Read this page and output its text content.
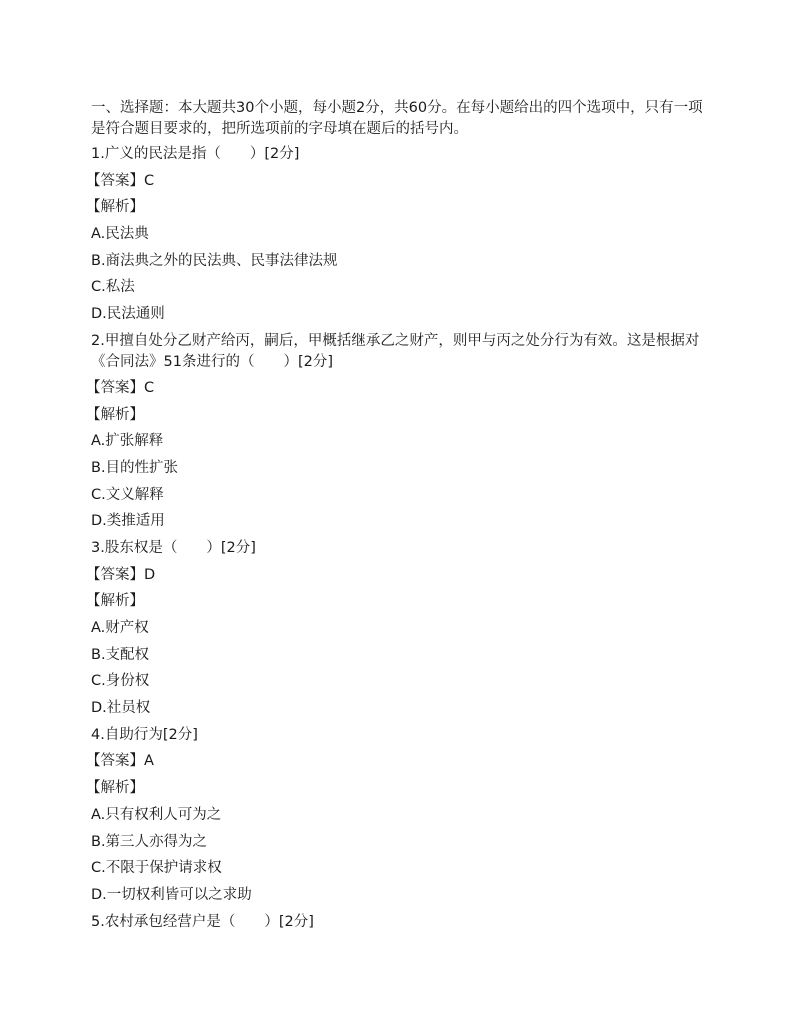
一、选择题：本大题共30个小题，每小题2分，共60分。在每小题给出的四个选项中，只有一项是符合题目要求的，把所选项前的字母填在题后的括号内。
1.广义的民法是指（　　）[2分]
【答案】C
【解析】
A.民法典
B.商法典之外的民法典、民事法律法规
C.私法
D.民法通则
2.甲擅自处分乙财产给丙，嗣后，甲概括继承乙之财产，则甲与丙之处分行为有效。这是根据对《合同法》51条进行的（　　）[2分]
【答案】C
【解析】
A.扩张解释
B.目的性扩张
C.文义解释
D.类推适用
3.股东权是（　　）[2分]
【答案】D
【解析】
A.财产权
B.支配权
C.身份权
D.社员权
4.自助行为[2分]
【答案】A
【解析】
A.只有权利人可为之
B.第三人亦得为之
C.不限于保护请求权
D.一切权利皆可以之求助
5.农村承包经营户是（　　）[2分]
